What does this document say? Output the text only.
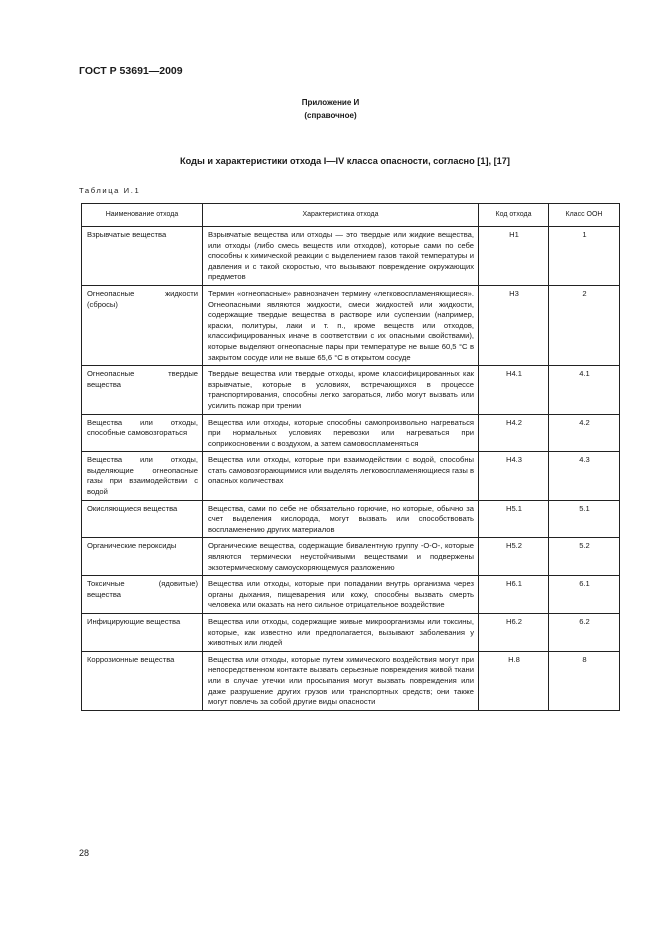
ГОСТ Р 53691—2009
Приложение И
(справочное)
Коды и характеристики отхода I—IV класса опасности, согласно [1], [17]
Таблица И.1
Наименование отхода	Характеристика отхода	Код отхода	Класс ООН
Взрывчатые вещества	Взрывчатые вещества или отходы — это твердые или жидкие вещества, или отходы (либо смесь веществ или отходов), которые сами по себе способны к химической реакции с выделением газов такой температуры и давления и с такой скоростью, что вызывают повреждение окружающих предметов	Н1	1
Огнеопасные жидкости (сбросы)	Термин «огнеопасные» равнозначен термину «легковоспламеняющиеся». Огнеопасными являются жидкости, смеси жидкостей или жидкости, содержащие твердые вещества в растворе или суспензии (например, краски, политуры, лаки и т. п., кроме веществ или отходов, классифицированных иначе в соответствии с их опасными свойствами), которые выделяют огнеопасные пары при температуре не выше 60,5 °С в закрытом сосуде или не выше 65,6 °С в открытом сосуде	Н3	2
Огнеопасные твердые вещества	Твердые вещества или твердые отходы, кроме классифицированных как взрывчатые, которые в условиях, встречающихся в процессе транспортирования, способны легко загораться, либо могут вызвать или усилить пожар при трении	Н4.1	4.1
Вещества или отходы, способные самовозгораться	Вещества или отходы, которые способны самопроизвольно нагреваться при нормальных условиях перевозки или нагреваться при соприкосновении с воздухом, а затем самовоспламеняться	Н4.2	4.2
Вещества или отходы, выделяющие огнеопасные газы при взаимодействии с водой	Вещества или отходы, которые при взаимодействии с водой, способны стать самовозгорающимися или выделять легковоспламеняющиеся газы в опасных количествах	Н4.3	4.3
Окисляющиеся вещества	Вещества, сами по себе не обязательно горючие, но которые, обычно за счет выделения кислорода, могут вызвать или способствовать воспламенению других материалов	Н5.1	5.1
Органические пероксиды	Органические вещества, содержащие бивалентную группу -О-О-, которые являются термически неустойчивыми веществами и подвержены экзотермическому самоускоряющемуся разложению	Н5.2	5.2
Токсичные (ядовитые) вещества	Вещества или отходы, которые при попадании внутрь организма через органы дыхания, пищеварения или кожу, способны вызвать смерть человека или оказать на него сильное отрицательное воздействие	Н6.1	6.1
Инфицирующие вещества	Вещества или отходы, содержащие живые микроорганизмы или токсины, которые, как известно или предполагается, вызывают заболевания у животных или людей	Н6.2	6.2
Коррозионные вещества	Вещества или отходы, которые путем химического воздействия могут при непосредственном контакте вызвать серьезные повреждения живой ткани или в случае утечки или просыпания могут вызвать повреждения или даже разрушение других грузов или транспортных средств; они также могут повлечь за собой другие виды опасности	Н.8	8
28
